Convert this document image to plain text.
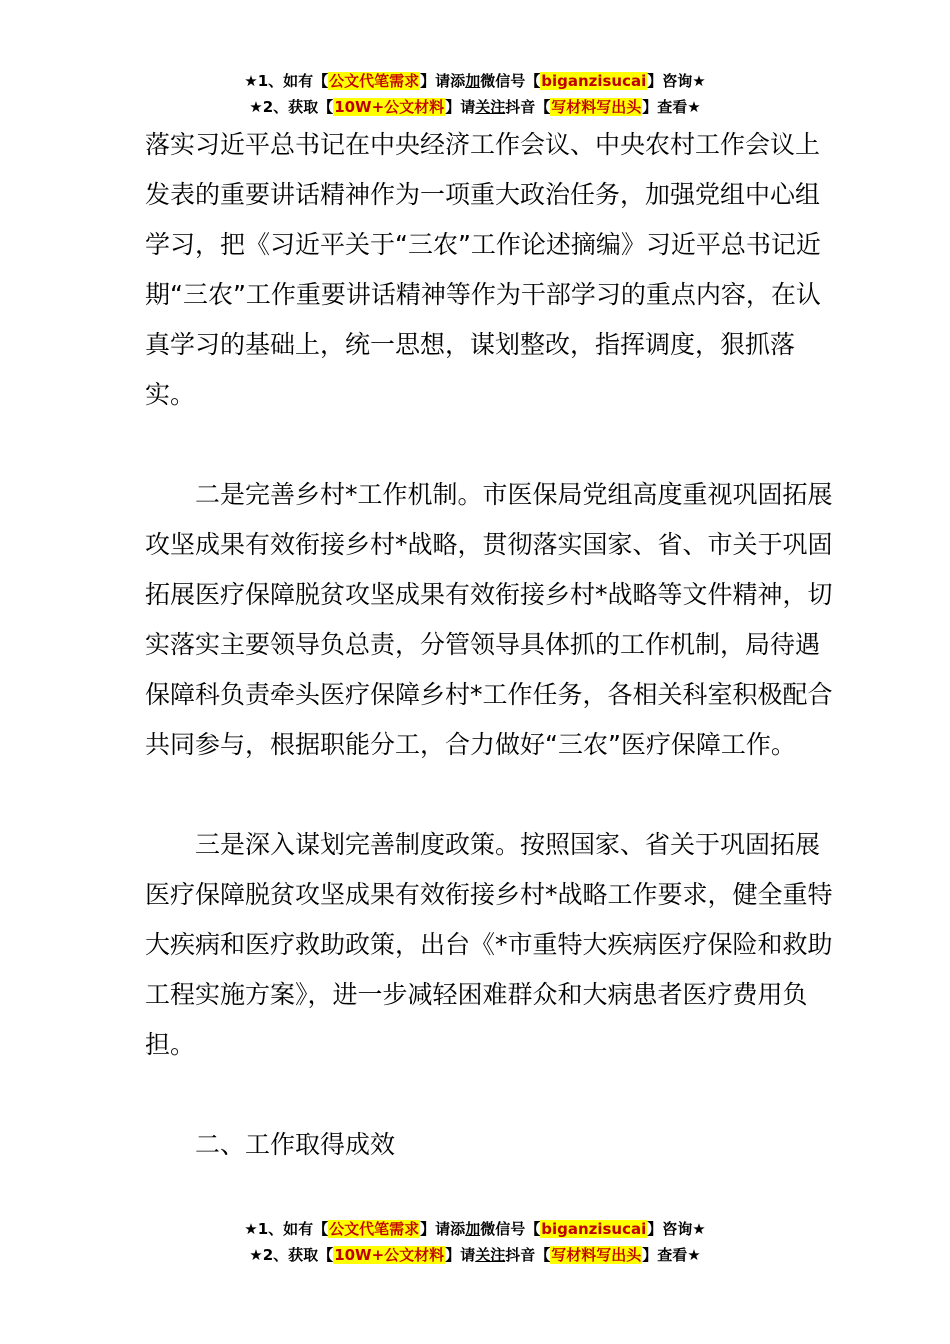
★1、如有【公文代笔需求】请添加微信号【biganzisucai】咨询★
★2、获取【10W+公文材料】请关注抖音【写材料写出头】查看★

落实习近平总书记在中央经济工作会议、中央农村工作会议上发表的重要讲话精神作为一项重大政治任务，加强党组中心组学习，把《习近平关于“三农”工作论述摘编》习近平总书记近期“三农”工作重要讲话精神等作为干部学习的重点内容，在认真学习的基础上，统一思想，谋划整改，指挥调度，狠抓落实。

二是完善乡村*工作机制。市医保局党组高度重视巩固拓展攻坚成果有效衔接乡村*战略，贯彻落实国家、省、市关于巩固拓展医疗保障脱贫攻坚成果有效衔接乡村*战略等文件精神，切实落实主要领导负总责，分管领导具体抓的工作机制，局待遇保障科负责牵头医疗保障乡村*工作任务，各相关科室积极配合共同参与，根据职能分工，合力做好“三农”医疗保障工作。

三是深入谋划完善制度政策。按照国家、省关于巩固拓展医疗保障脱贫攻坚成果有效衔接乡村*战略工作要求，健全重特大疾病和医疗救助政策，出台《*市重特大疾病医疗保险和救助工程实施方案》，进一步减轻困难群众和大病患者医疗费用负担。

二、工作取得成效

★1、如有【公文代笔需求】请添加微信号【biganzisucai】咨询★
★2、获取【10W+公文材料】请关注抖音【写材料写出头】查看★
